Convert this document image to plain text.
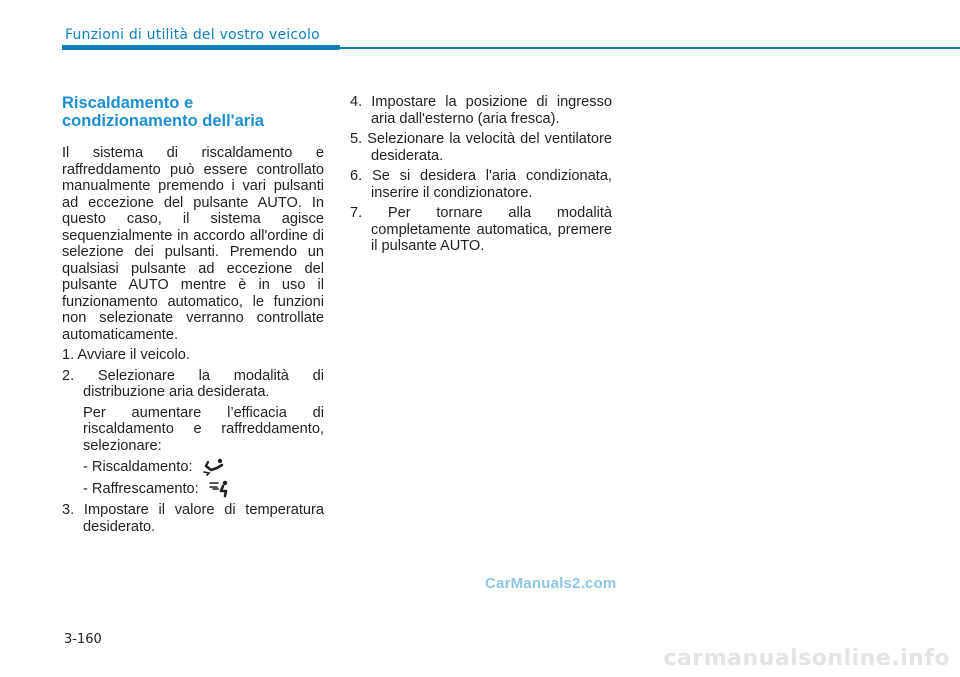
Funzioni di utilità del vostro veicolo
Riscaldamento e
condizionamento dell'aria

Il sistema di riscaldamento e raffreddamento può essere controllato manualmente premendo i vari pulsanti ad eccezione del pulsante AUTO. In questo caso, il sistema agisce sequenzialmente in accordo all'ordine di selezione dei pulsanti. Premendo un qualsiasi pulsante ad eccezione del pulsante AUTO mentre è in uso il funzionamento automatico, le funzioni non selezionate verranno controllate automaticamente.

1. Avviare il veicolo.
2. Selezionare la modalità di distribuzione aria desiderata.
Per aumentare l’efficacia di riscaldamento e raffreddamento, selezionare:
- Riscaldamento:
- Raffrescamento:
3. Impostare il valore di temperatura desiderato.
4. Impostare la posizione di ingresso aria dall'esterno (aria fresca).
5. Selezionare la velocità del ventilatore desiderata.
6. Se si desidera l'aria condizionata, inserire il condizionatore.
7. Per tornare alla modalità completamente automatica, premere il pulsante AUTO.
CarManuals2.com
3-160
carmanualsonline.info
